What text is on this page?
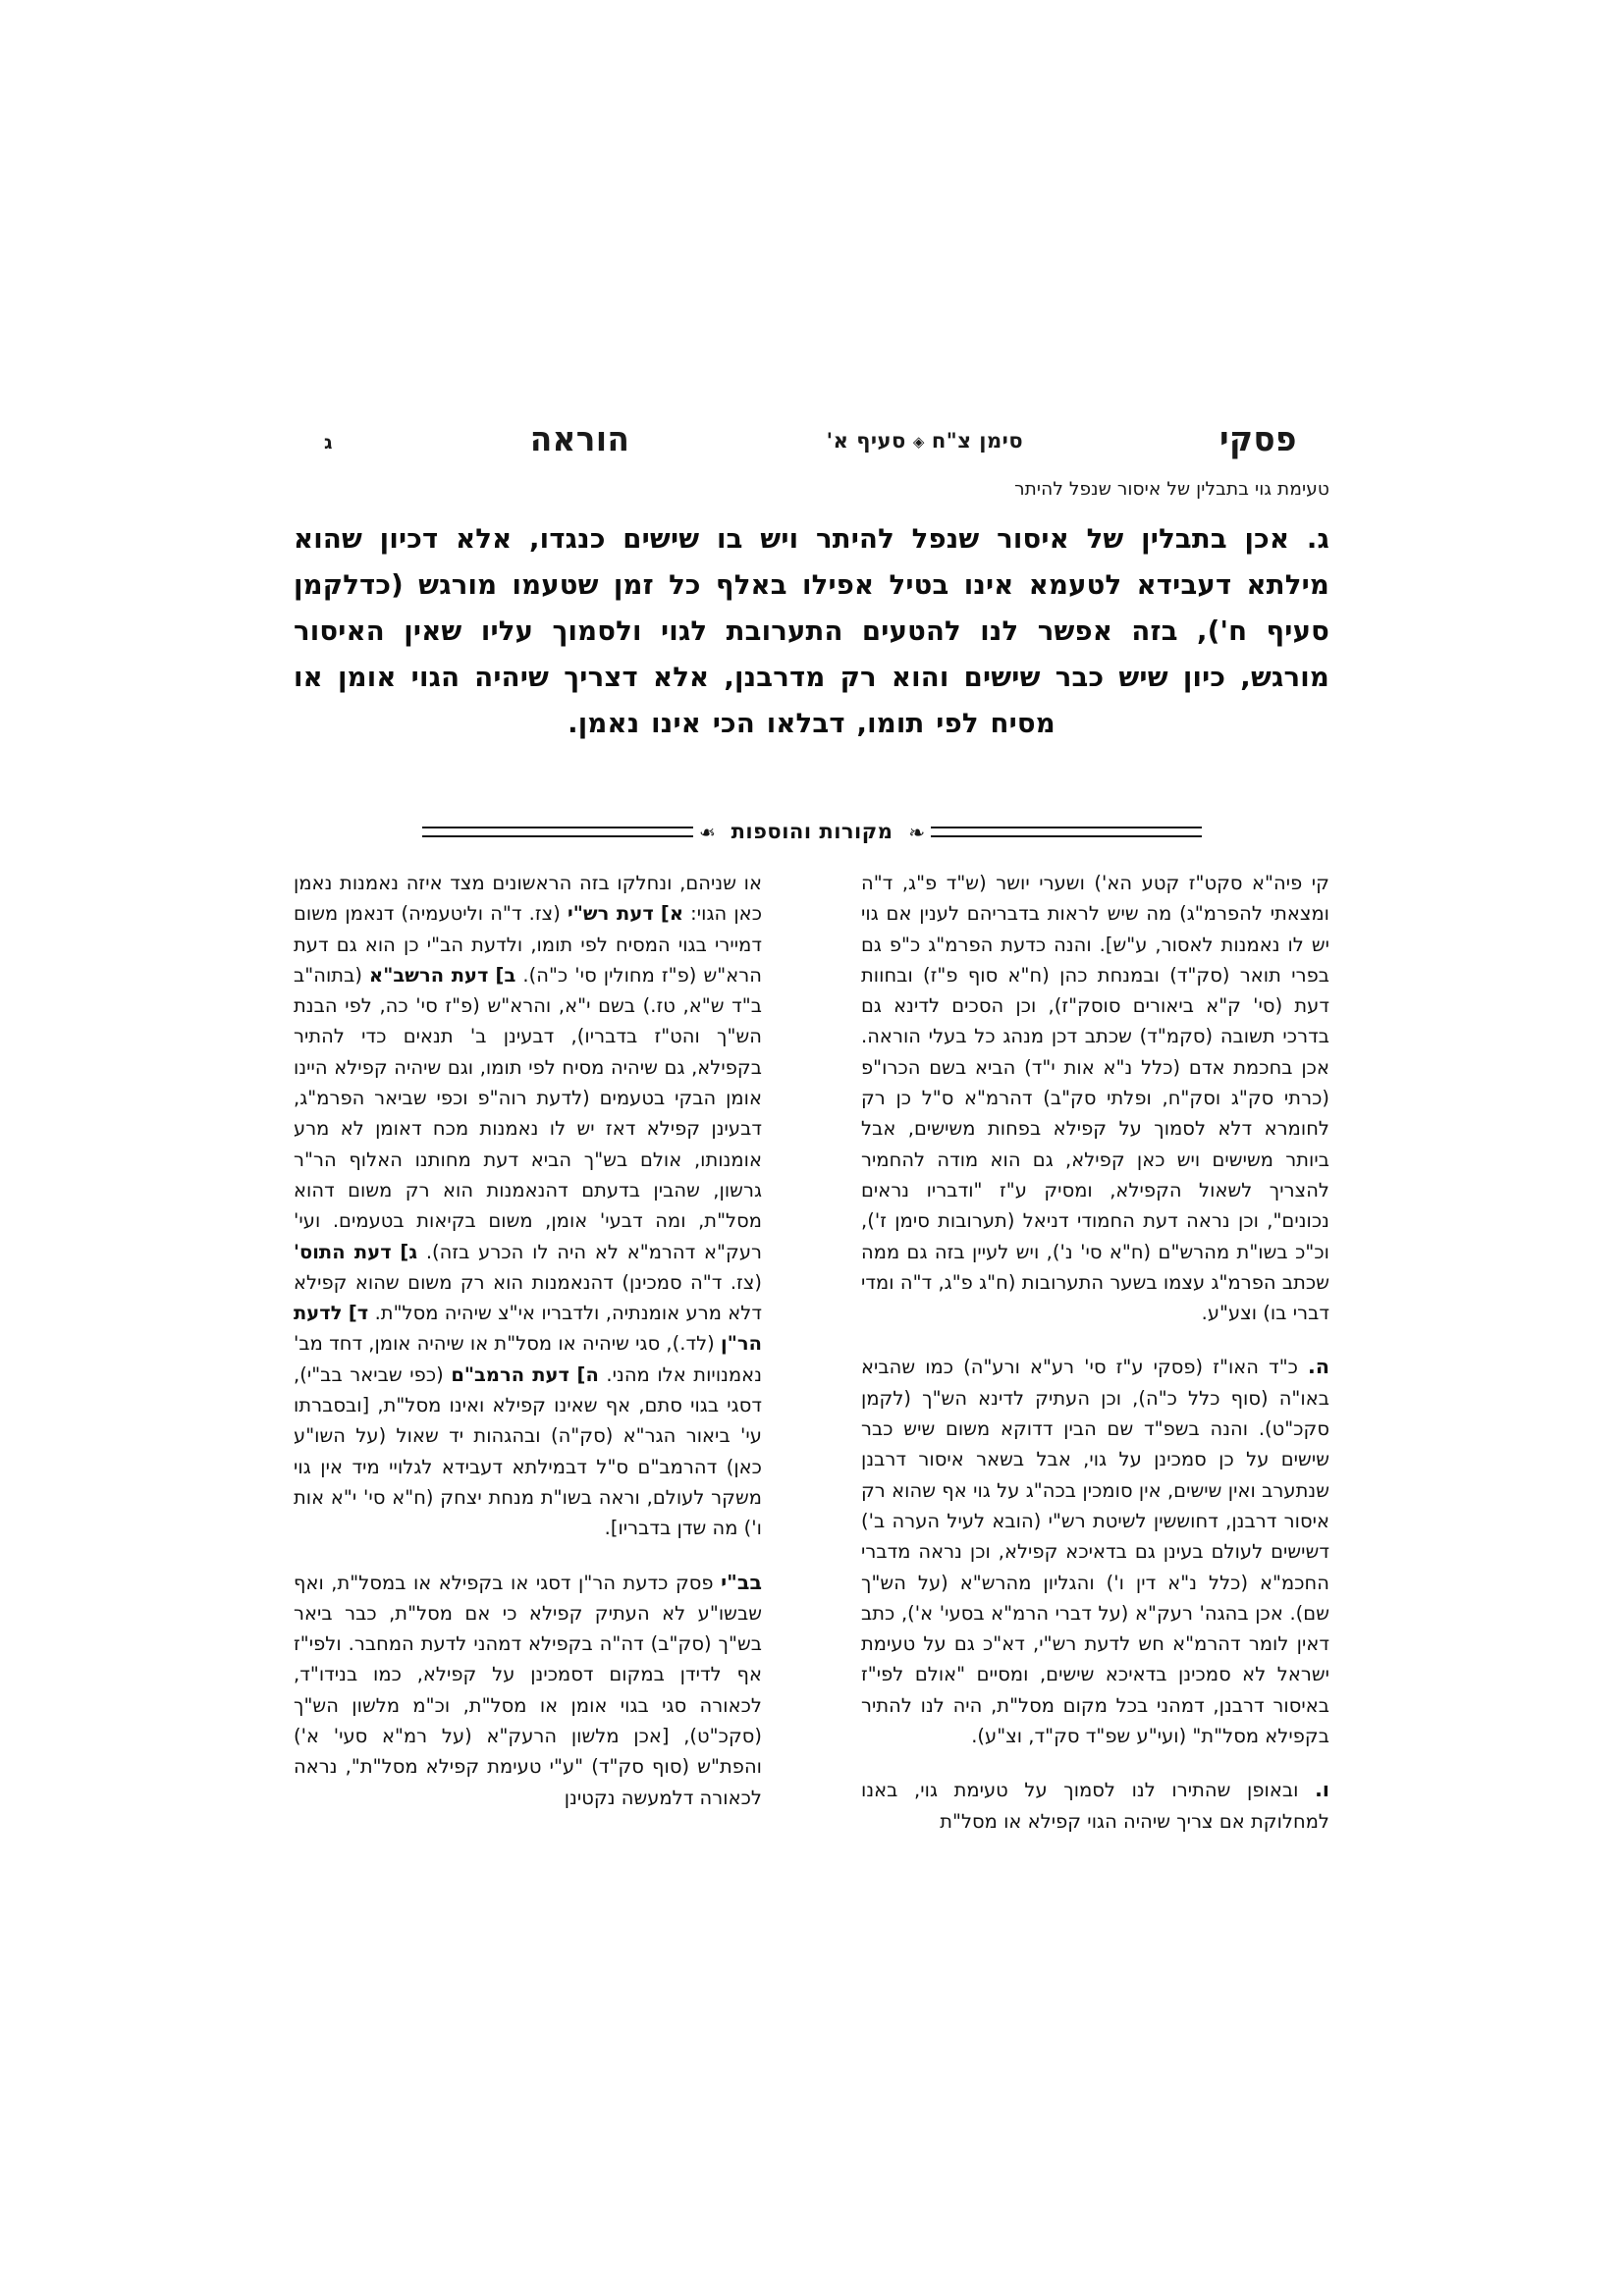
פסקי
סימן צ"ח◈סעיף א'
הוראה
ג

טעימת גוי בתבלין של איסור שנפל להיתר

ג. אכן בתבלין של איסור שנפל להיתר ויש בו שישים כנגדו, אלא דכיון שהוא מילתא דעבידא לטעמא אינו בטיל אפילו באלף כל זמן שטעמו מורגש (כדלקמן סעיף ח'), בזה אפשר לנו להטעים התערובת לגוי ולסמוך עליו שאין האיסור מורגש, כיון שיש כבר שישים והוא רק מדרבנן, אלא דצריך שיהיה הגוי אומן או מסיח לפי תומו, דבלאו הכי אינו נאמן.

❧
מקורות והוספות
❧

קי פיה"א סקט"ז קטע הא') ושערי יושר (ש"ד פ"ג, ד"ה ומצאתי להפרמ"ג) מה שיש לראות בדבריהם לענין אם גוי יש לו נאמנות לאסור, ע"ש]. והנה כדעת הפרמ"ג כ"פ גם בפרי תואר (סק"ד) ובמנחת כהן (ח"א סוף פ"ז) ובחוות דעת (סי' ק"א ביאורים סוסק"ז), וכן הסכים לדינא גם בדרכי תשובה (סקמ"ד) שכתב דכן מנהג כל בעלי הוראה. אכן בחכמת אדם (כלל נ"א אות י"ד) הביא בשם הכרו"פ (כרתי סק"ג וסק"ח, ופלתי סק"ב) דהרמ"א ס"ל כן רק לחומרא דלא לסמוך על קפילא בפחות משישים, אבל ביותר משישים ויש כאן קפילא, גם הוא מודה להחמיר להצריך לשאול הקפילא, ומסיק ע"ז "ודבריו נראים נכונים", וכן נראה דעת החמודי דניאל (תערובות סימן ז'), וכ"כ בשו"ת מהרש"ם (ח"א סי' נ'), ויש לעיין בזה גם ממה שכתב הפרמ"ג עצמו בשער התערובות (ח"ג פ"ג, ד"ה ומדי דברי בו) וצע"ע.

ה. כ"ד האו"ז (פסקי ע"ז סי' רע"א ורע"ה) כמו שהביא באו"ה (סוף כלל כ"ה), וכן העתיק לדינא הש"ך (לקמן סקכ"ט). והנה בשפ"ד שם הבין דדוקא משום שיש כבר שישים על כן סמכינן על גוי, אבל בשאר איסור דרבנן שנתערב ואין שישים, אין סומכין בכה"ג על גוי אף שהוא רק איסור דרבנן, דחוששין לשיטת רש"י (הובא לעיל הערה ב') דשישים לעולם בעינן גם בדאיכא קפילא, וכן נראה מדברי החכמ"א (כלל נ"א דין ו') והגליון מהרש"א (על הש"ך שם). אכן בהגה' רעק"א (על דברי הרמ"א בסעי' א'), כתב דאין לומר דהרמ"א חש לדעת רש"י, דא"כ גם על טעימת ישראל לא סמכינן בדאיכא שישים, ומסיים "אולם לפי"ז באיסור דרבנן, דמהני בכל מקום מסל"ת, היה לנו להתיר בקפילא מסל"ת" (ועי"ע שפ"ד סק"ד, וצ"ע).

ו. ובאופן שהתירו לנו לסמוך על טעימת גוי, באנו למחלוקת אם צריך שיהיה הגוי קפילא או מסל"ת

או שניהם, ונחלקו בזה הראשונים מצד איזה נאמנות נאמן כאן הגוי: א] דעת רש"י (צז. ד"ה וליטעמיה) דנאמן משום דמיירי בגוי המסיח לפי תומו, ולדעת הב"י כן הוא גם דעת הרא"ש (פ"ז מחולין סי' כ"ה). ב] דעת הרשב"א (בתוה"ב ב"ד ש"א, טז.) בשם י"א, והרא"ש (פ"ז סי' כה, לפי הבנת הש"ך והט"ז בדבריו), דבעינן ב' תנאים כדי להתיר בקפילא, גם שיהיה מסיח לפי תומו, וגם שיהיה קפילא היינו אומן הבקי בטעמים (לדעת רוה"פ וכפי שביאר הפרמ"ג, דבעינן קפילא דאז יש לו נאמנות מכח דאומן לא מרע אומנותו, אולם בש"ך הביא דעת מחותנו האלוף הר"ר גרשון, שהבין בדעתם דהנאמנות הוא רק משום דהוא מסל"ת, ומה דבעי' אומן, משום בקיאות בטעמים. ועי' רעק"א דהרמ"א לא היה לו הכרע בזה). ג] דעת התוס' (צז. ד"ה סמכינן) דהנאמנות הוא רק משום שהוא קפילא דלא מרע אומנתיה, ולדבריו אי"צ שיהיה מסל"ת. ד] לדעת הר"ן (לד.), סגי שיהיה או מסל"ת או שיהיה אומן, דחד מב' נאמנויות אלו מהני. ה] דעת הרמב"ם (כפי שביאר בב"י), דסגי בגוי סתם, אף שאינו קפילא ואינו מסל"ת, [ובסברתו עי' ביאור הגר"א (סק"ה) ובהגהות יד שאול (על השו"ע כאן) דהרמב"ם ס"ל דבמילתא דעבידא לגלויי מיד אין גוי משקר לעולם, וראה בשו"ת מנחת יצחק (ח"א סי' י"א אות ו') מה שדן בדבריו].

בב"י פסק כדעת הר"ן דסגי או בקפילא או במסל"ת, ואף שבשו"ע לא העתיק קפילא כי אם מסל"ת, כבר ביאר בש"ך (סק"ב) דה"ה בקפילא דמהני לדעת המחבר. ולפי"ז אף לדידן במקום דסמכינן על קפילא, כמו בנידו"ד, לכאורה סגי בגוי אומן או מסל"ת, וכ"מ מלשון הש"ך (סקכ"ט), [אכן מלשון הרעק"א (על רמ"א סעי' א') והפת"ש (סוף סק"ד) "ע"י טעימת קפילא מסל"ת", נראה לכאורה דלמעשה נקטינן
